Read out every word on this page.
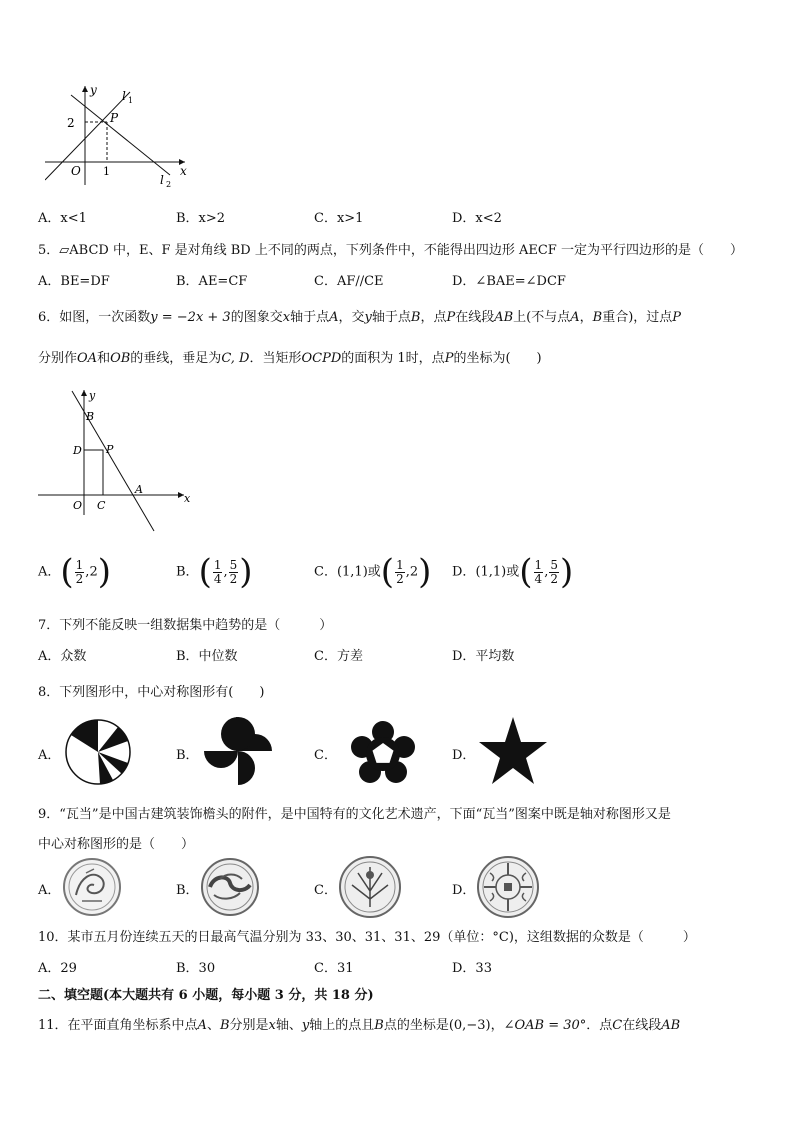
y
x
l 1
l 2
P
O
2
1
A．x<1	B．x>2	C．x>1	D．x<2
5．▱ABCD 中，E、F 是对角线 BD 上不同的两点，下列条件中，不能得出四边形 AECF 一定为平行四边形的是（　　）
A．BE=DF	B．AE=CF	C．AF//CE	D．∠BAE=∠DCF
6．如图，一次函数y = −2x + 3的图象交x轴于点A，交y轴于点B，点P在线段AB上(不与点A，B重合)，过点P
分别作OA和OB的垂线，垂足为C, D．当矩形OCPD的面积为 1时，点P的坐标为(　　)
y
x
B
D P
A
O C
A．( $\frac{1}{2} ,2$)	B．( $\frac{1}{4}$ , $\frac{5}{2}$ )	C．(1,1)或( $\frac{1}{2} ,2$) D．(1,1)或( $\frac{1}{4}$ , $\frac{5}{2}$ )
7．下列不能反映一组数据集中趋势的是（　　　）
A．众数	B．中位数	C．方差	D．平均数
8．下列图形中，中心对称图形有(　　)
A．	B．	C．	D．
9．“瓦当”是中国古建筑装饰檐头的附件，是中国特有的文化艺术遗产，下面“瓦当”图案中既是轴对称图形又是
中心对称图形的是（　　）
A．	B．	C．	D．
10．某市五月份连续五天的日最高气温分别为 33、30、31、31、29（单位：°C)，这组数据的众数是（　　　）
A．29	B．30	C．31	D．33
二、填空题(本大题共有 6 小题，每小题 3 分，共 18 分)
11．在平面直角坐标系中点A、B分别是x轴、y轴上的点且B点的坐标是(0,−3)，∠OAB = 30°．点C在线段AB
